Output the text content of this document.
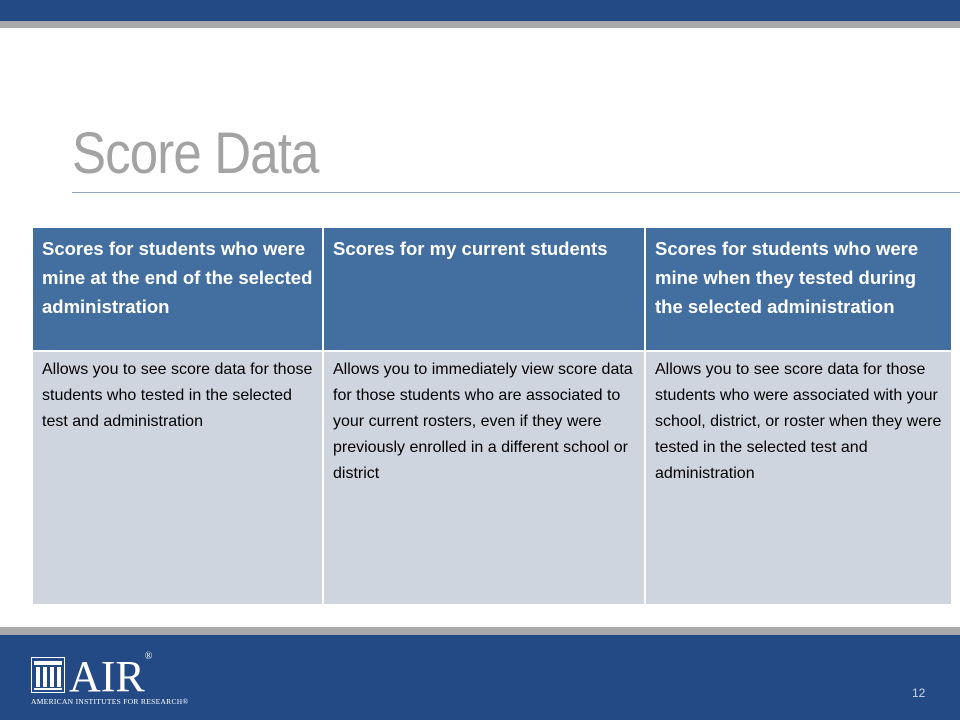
Score Data
Scores for students who were mine at the end of the selected administration	Scores for my current students	Scores for students who were mine when they tested during the selected administration
Allows you to see score data for those students who tested in the selected test and administration	Allows you to immediately view score data for those students who are associated to your current rosters, even if they were previously enrolled in a different school or district	Allows you to see score data for those students who were associated with your school, district, or roster when they were tested in the selected test and administration
AIR®
AMERICAN INSTITUTES FOR RESEARCH®
12
